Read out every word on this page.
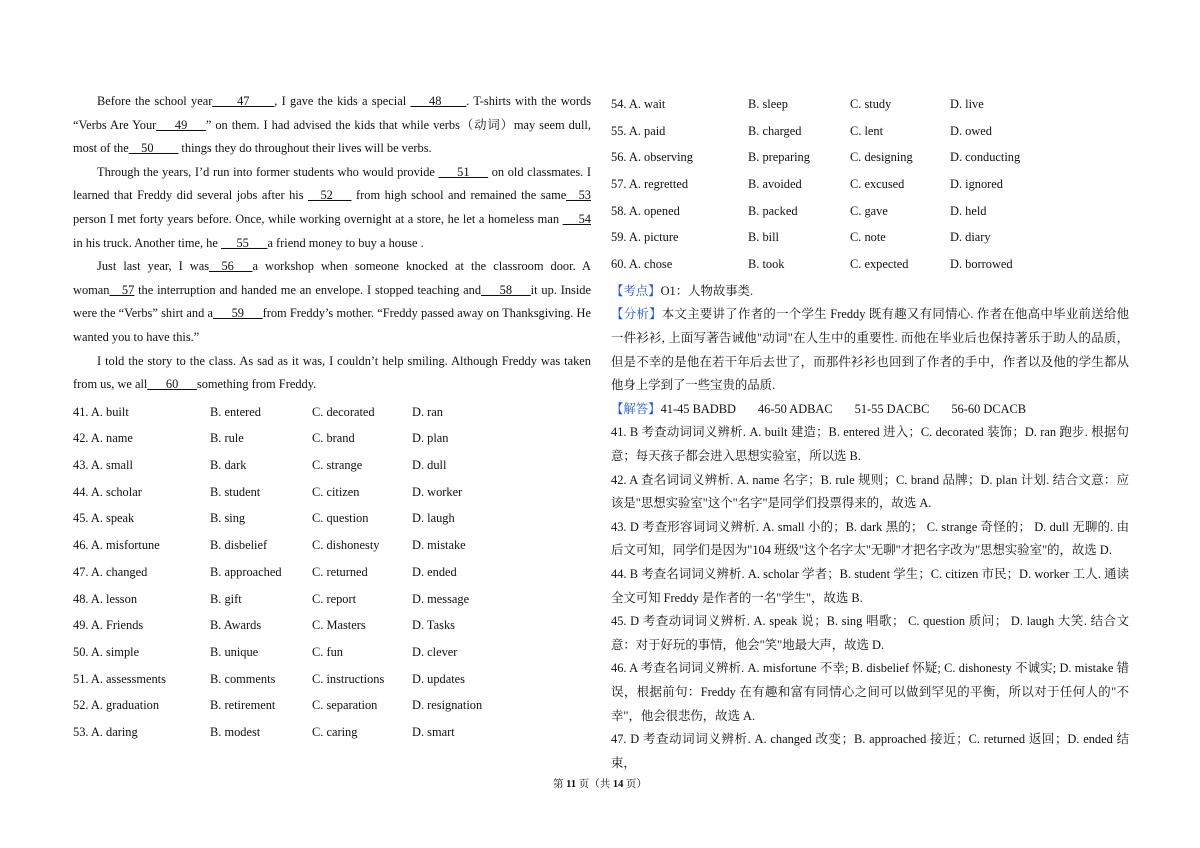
Before the school year____47____, I gave the kids a special ___48____. T-shirts with the words “Verbs Are Your___49___” on them. I had advised the kids that while verbs（动词）may seem dull, most of the__50____ things they do throughout their lives will be verbs.

Through the years, I’d run into former students who would provide ___51___ on old classmates. I learned that Freddy did several jobs after his __52___ from high school and remained the same__53 person I met forty years before. Once, while working overnight at a store, he let a homeless man  __54 in his truck. Another time, he  __55___a friend money to buy a house .

Just last year, I was__56___a workshop when someone knocked at the classroom door. A woman__57 the interruption and handed me an envelope. I stopped teaching and___58___it up. Inside were the “Verbs” shirt and a___59___from Freddy’s mother. “Freddy passed away on Thanksgiving. He wanted you to have this.”

I told the story to the class. As sad as it was, I couldn’t help smiling. Although Freddy was taken from us, we all___60___something from Freddy.

41. A. built	B. entered	C. decorated	D. ran
42. A. name	B. rule	C. brand	D. plan
43. A. small	B. dark	C. strange	D. dull
44. A. scholar	B. student	C. citizen	D. worker
45. A. speak	B. sing	C. question	D. laugh
46. A. misfortune	B. disbelief	C. dishonesty	D. mistake
47. A. changed	B. approached C. returned	D. ended
48. A. lesson	B. gift	C. report	D. message
49. A. Friends	B. Awards	C. Masters	D. Tasks
50. A. simple	B. unique	C. fun	D. clever
51. A. assessments	B. comments	C. instructions D. updates
52. A. graduation	B. retirement	C. separation	D. resignation
53. A. daring	B. modest	C. caring	D. smart
54. A. wait	B. sleep	C. study	D. live
55. A. paid	B. charged	C. lent	D. owed
56. A. observing	B. preparing	C. designing	D. conducting
57. A. regretted	B. avoided	C. excused	D. ignored
58. A. opened	B. packed	C. gave	D. held
59. A. picture	B. bill	C. note	D. diary
60. A. chose	B. took	C. expected	D. borrowed

【考点】O1：人物故事类.

【分析】本文主要讲了作者的一个学生 Freddy 既有趣又有同情心. 作者在他高中毕业前送给他一件衫衫, 上面写著告诫他"动词"在人生中的重要性. 而他在毕业后也保持著乐于助人的品质，但是不幸的是他在若干年后去世了，而那件衫衫也回到了作者的手中，作者以及他的学生都从他身上学到了一些宝贵的品质.

【解答】41-45 BADBD 46-50 ADBAC 51-55 DACBC 56-60 DCACB

41. B 考查动词词义辨析. A. built 建造；B. entered 进入；C. decorated 装饰；D. ran 跑步. 根据句意；每天孩子都会进入思想实验室，所以选 B.

42. A 查名词词义辨析. A. name 名字；B. rule 规则；C. brand 品牌；D. plan 计划. 结合文意：应该是"思想实验室"这个"名字"是同学们投票得来的，故选 A.

43. D 考查形容词词义辨析. A. small 小的；B. dark 黑的； C. strange 奇怪的； D. dull 无聊的. 由后文可知，同学们是因为"104 班级"这个名字太"无聊"才把名字改为"思想实验室"的，故选 D.

44. B 考查名词词义辨析. A. scholar 学者；B. student 学生；C. citizen 市民；D. worker 工人. 通读全文可知 Freddy 是作者的一名"学生"，故选 B.

45. D 考查动词词义辨析. A. speak 说；B. sing 唱歌； C. question 质问； D. laugh 大笑. 结合文意：对于好玩的事情，他会"笑"地最大声，故选 D.

46. A 考查名词词义辨析. A. misfortune 不幸; B. disbelief 怀疑; C. dishonesty 不诚实; D. mistake 错误，根据前句：Freddy 在有趣和富有同情心之间可以做到罕见的平衡，所以对于任何人的"不幸"，他会很悲伤，故选 A.

47. D 考查动词词义辨析. A. changed 改变；B. approached 接近；C. returned 返回；D. ended 结束，

第 11 页（共 14 页）
